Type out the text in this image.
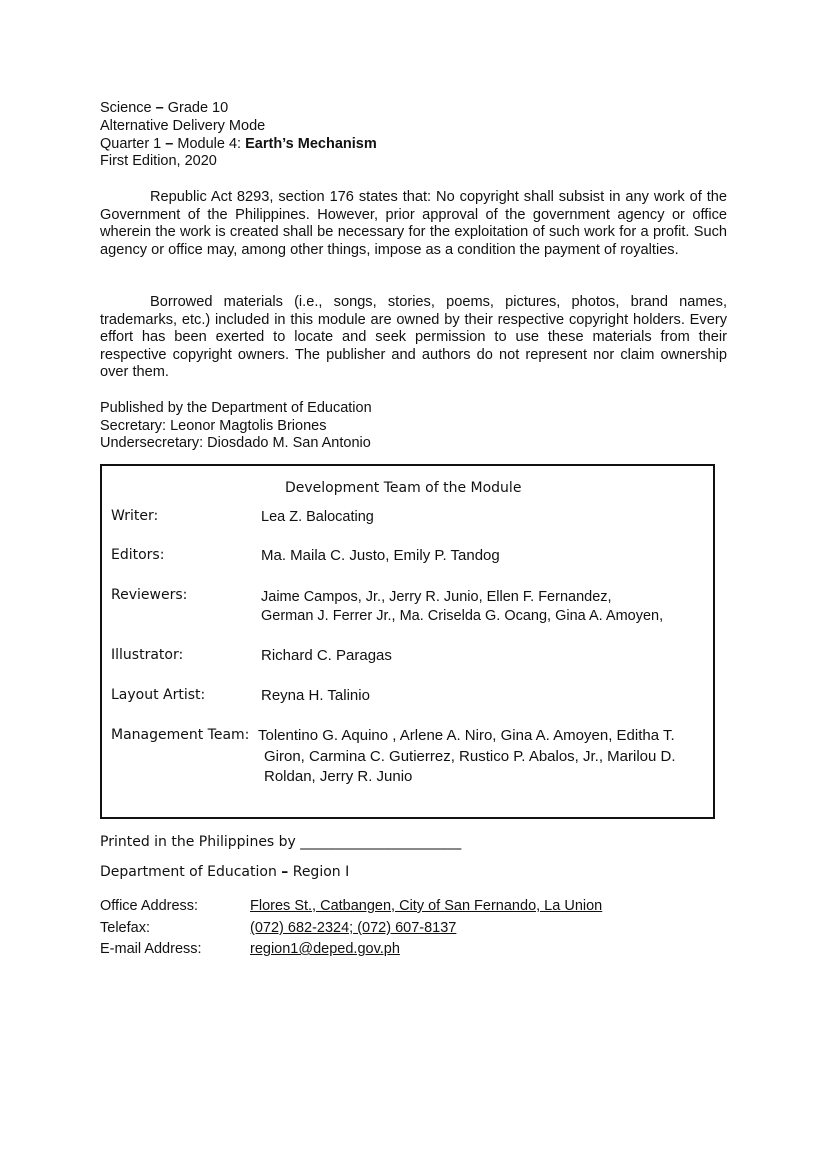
Science – Grade 10
Alternative Delivery Mode
Quarter 1 – Module 4: Earth’s Mechanism
First Edition, 2020

Republic Act 8293, section 176 states that: No copyright shall subsist in any work of the Government of the Philippines. However, prior approval of the government agency or office wherein the work is created shall be necessary for the exploitation of such work for a profit. Such agency or office may, among other things, impose as a condition the payment of royalties.

Borrowed materials (i.e., songs, stories, poems, pictures, photos, brand names, trademarks, etc.) included in this module are owned by their respective copyright holders. Every effort has been exerted to locate and seek permission to use these materials from their respective copyright owners. The publisher and authors do not represent nor claim ownership over them.

Published by the Department of Education
Secretary: Leonor Magtolis Briones
Undersecretary: Diosdado M. San Antonio
Development Team of the Module
Writer:	Lea Z. Balocating
Editors:	Ma. Maila C. Justo, Emily P. Tandog
Reviewers:	Jaime Campos, Jr., Jerry R. Junio, Ellen F. Fernandez,
German J. Ferrer Jr., Ma. Criselda G. Ocang, Gina A. Amoyen,
Illustrator:	Richard C. Paragas
Layout Artist:	Reyna H. Talinio
Management Team: Tolentino G. Aquino , Arlene A. Niro, Gina A. Amoyen, Editha T.
Giron, Carmina C. Gutierrez, Rustico P. Abalos, Jr., Marilou D.
Roldan, Jerry R. Junio
Printed in the Philippines by _______________________
Department of Education – Region I
Office Address:	Flores St., Catbangen, City of San Fernando, La Union
Telefax:	(072) 682-2324; (072) 607-8137
E-mail Address:	region1@deped.gov.ph
